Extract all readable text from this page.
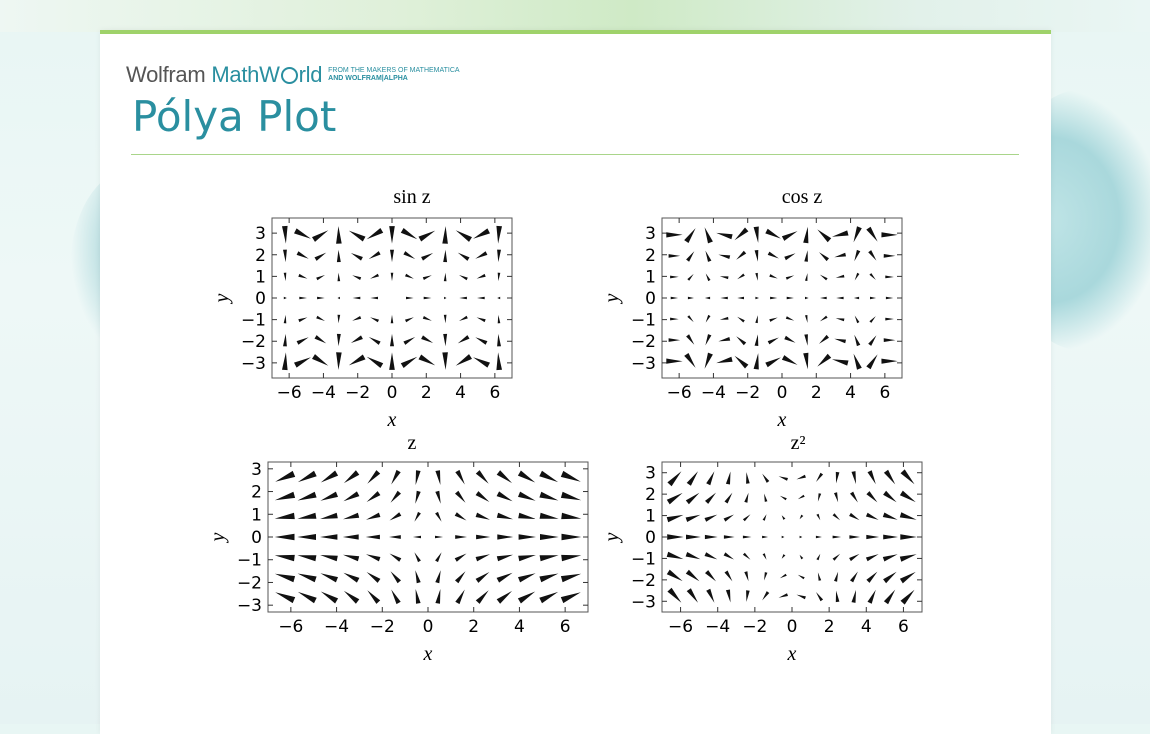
Wolfram MathW rld FROM THE MAKERS OF MATHEMATICA
AND WOLFRAM|ALPHA
Pólya Plot
sin z
−6 −4 −2 0 2 4 6
3
2
1
0
−1
−2
−3
x
y
cos z
−6 −4 −2 0 2 4 6
3
2
1
0
−1
−2
−3
x
y
z
−6 −4 −2 0 2 4 6
3
2
1
0
−1
−2
−3
x
y
z²
−6 −4 −2 0 2 4 6
3
2
1
0
−1
−2
−3
x
y
